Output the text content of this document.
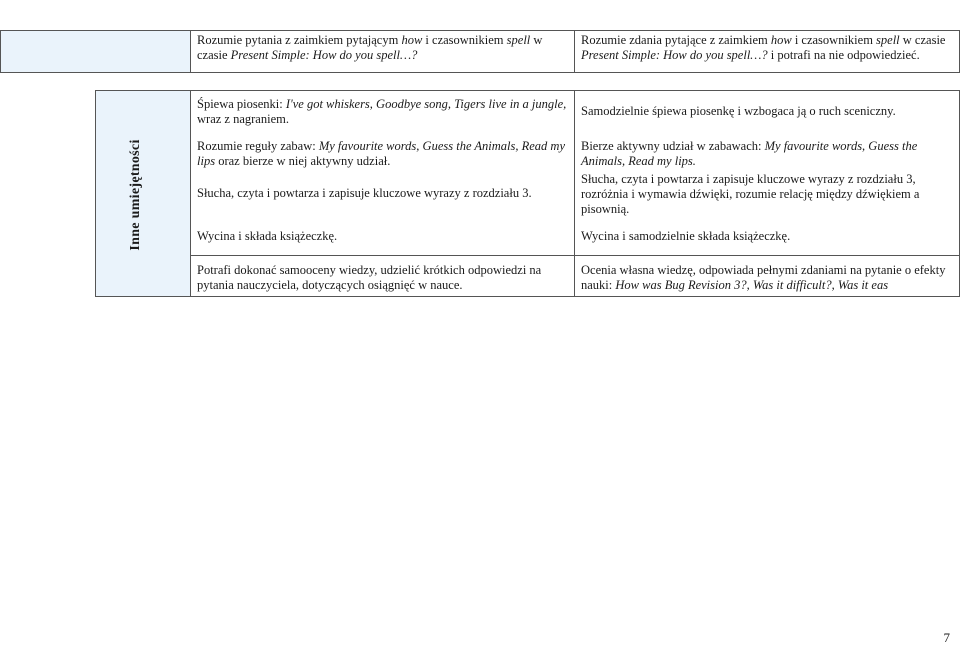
Rozumie pytania z zaimkiem pytającym how i czasownikiem spell w
czasie Present Simple: How do you spell…?
Rozumie zdania pytające z zaimkiem how i czasownikiem spell w czasie
Present Simple: How do you spell…? i potrafi na nie odpowiedzieć.
Inne umiejętności
Śpiewa piosenki: I've got whiskers, Goodbye song, Tigers live in a jungle,
wraz z nagraniem.
Rozumie reguły zabaw: My favourite words, Guess the Animals, Read my
lips oraz bierze w niej aktywny udział.
Słucha, czyta i powtarza i zapisuje kluczowe wyrazy z rozdziału 3.
Wycina i składa książeczkę.
Potrafi dokonać samooceny wiedzy, udzielić krótkich odpowiedzi na
pytania nauczyciela, dotyczących osiągnięć w nauce.
Samodzielnie śpiewa piosenkę i wzbogaca ją o ruch sceniczny.
Bierze aktywny udział w zabawach: My favourite words, Guess the
Animals, Read my lips.
Słucha, czyta i powtarza i zapisuje kluczowe wyrazy z rozdziału 3,
rozróżnia i wymawia dźwięki, rozumie relację między dźwiękiem a
pisownią.
Wycina i samodzielnie składa książeczkę.
Ocenia własna wiedzę, odpowiada pełnymi zdaniami na pytanie o efekty
nauki: How was Bug Revision 3?, Was it difficult?, Was it eas
7
